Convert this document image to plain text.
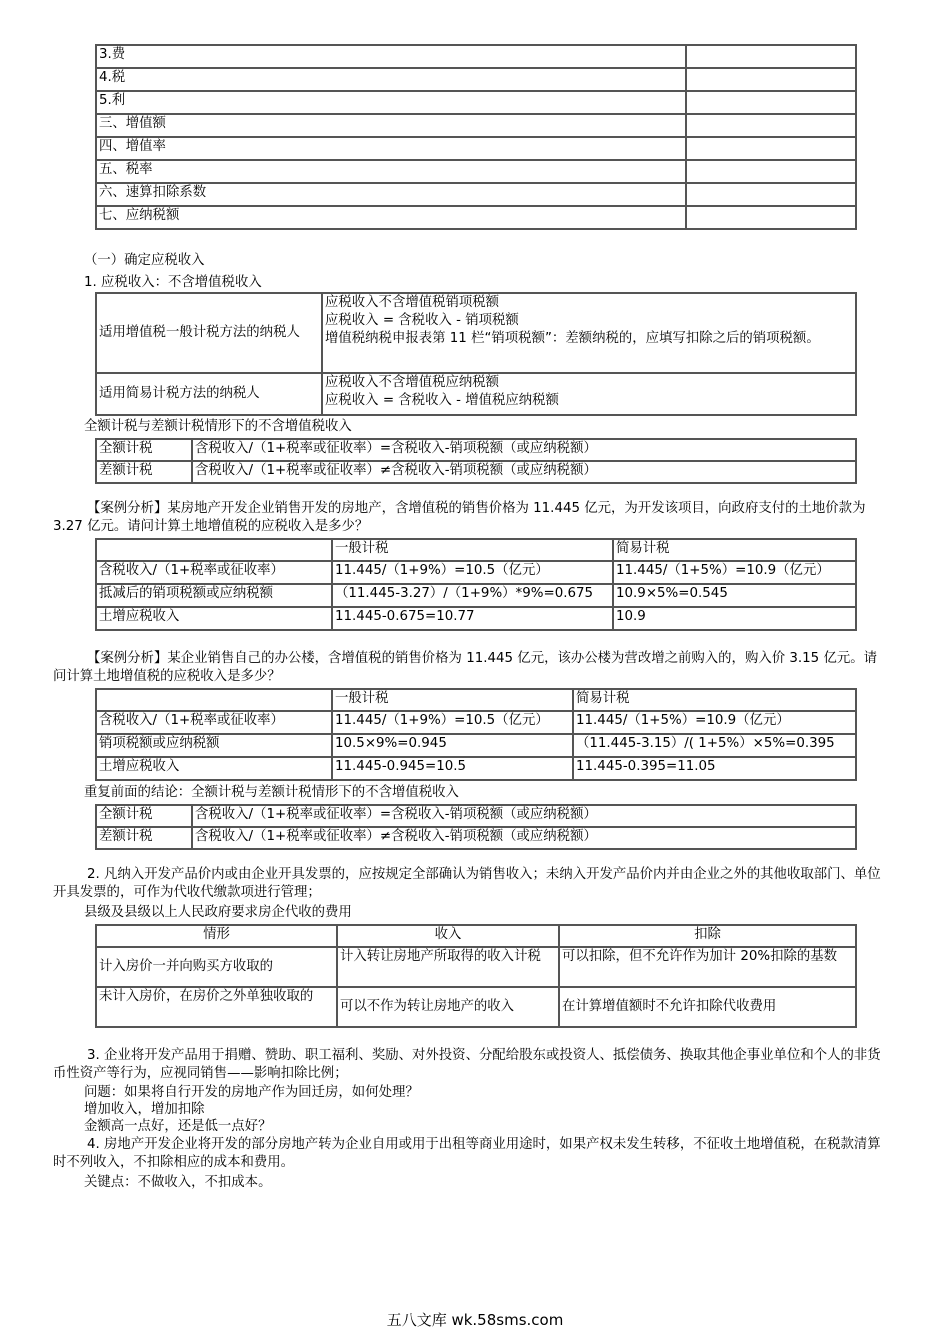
3.费	
4.税	
5.利	
三、增值额	
四、增值率	
五、税率	
六、速算扣除系数	
七、应纳税额	
（一）确定应税收入
1. 应税收入：不含增值税收入
适用增值税一般计税方法的纳税人	应税收入不含增值税销项税额
应税收入 = 含税收入 - 销项税额
增值税纳税申报表第 11 栏“销项税额”：差额纳税的，应填写扣除之后的销项税额。

适用简易计税方法的纳税人	应税收入不含增值税应纳税额
应税收入 = 含税收入 - 增值税应纳税额
全额计税与差额计税情形下的不含增值税收入
全额计税	含税收入/（1+税率或征收率）=含税收入-销项税额（或应纳税额）
差额计税	含税收入/（1+税率或征收率）≠含税收入-销项税额（或应纳税额）
【案例分析】某房地产开发企业销售开发的房地产，含增值税的销售价格为 11.445 亿元，为开发该项目，向政府支付的土地价款为 3.27 亿元。请问计算土地增值税的应税收入是多少？
	一般计税	简易计税
含税收入/（1+税率或征收率）	11.445/（1+9%）=10.5（亿元）	11.445/（1+5%）=10.9（亿元）
抵减后的销项税额或应纳税额	（11.445-3.27）/（1+9%）*9%=0.675	10.9×5%=0.545
土增应税收入	11.445-0.675=10.77	10.9
【案例分析】某企业销售自己的办公楼，含增值税的销售价格为 11.445 亿元，该办公楼为营改增之前购入的，购入价 3.15 亿元。请问计算土地增值税的应税收入是多少？
	一般计税	简易计税
含税收入/（1+税率或征收率）	11.445/（1+9%）=10.5（亿元）	11.445/（1+5%）=10.9（亿元）
销项税额或应纳税额	10.5×9%=0.945	（11.445-3.15）/( 1+5%）×5%=0.395
土增应税收入	11.445-0.945=10.5	11.445-0.395=11.05
重复前面的结论：全额计税与差额计税情形下的不含增值税收入
全额计税	含税收入/（1+税率或征收率）=含税收入-销项税额（或应纳税额）
差额计税	含税收入/（1+税率或征收率）≠含税收入-销项税额（或应纳税额）
2. 凡纳入开发产品价内或由企业开具发票的，应按规定全部确认为销售收入；未纳入开发产品价内并由企业之外的其他收取部门、单位开具发票的，可作为代收代缴款项进行管理；
县级及县级以上人民政府要求房企代收的费用
情形	收入	扣除
计入房价一并向购买方收取的	计入转让房地产所取得的收入计税	可以扣除，但不允许作为加计 20%扣除的基数
未计入房价，在房价之外单独收取的	可以不作为转让房地产的收入	在计算增值额时不允许扣除代收费用
3. 企业将开发产品用于捐赠、赞助、职工福利、奖励、对外投资、分配给股东或投资人、抵偿债务、换取其他企事业单位和个人的非货币性资产等行为，应视同销售——影响扣除比例；
问题：如果将自行开发的房地产作为回迁房，如何处理？
增加收入，增加扣除
金额高一点好，还是低一点好？
4. 房地产开发企业将开发的部分房地产转为企业自用或用于出租等商业用途时，如果产权未发生转移，不征收土地增值税，在税款清算时不列收入，不扣除相应的成本和费用。
关键点：不做收入，不扣成本。
五八文库 wk.58sms.com
